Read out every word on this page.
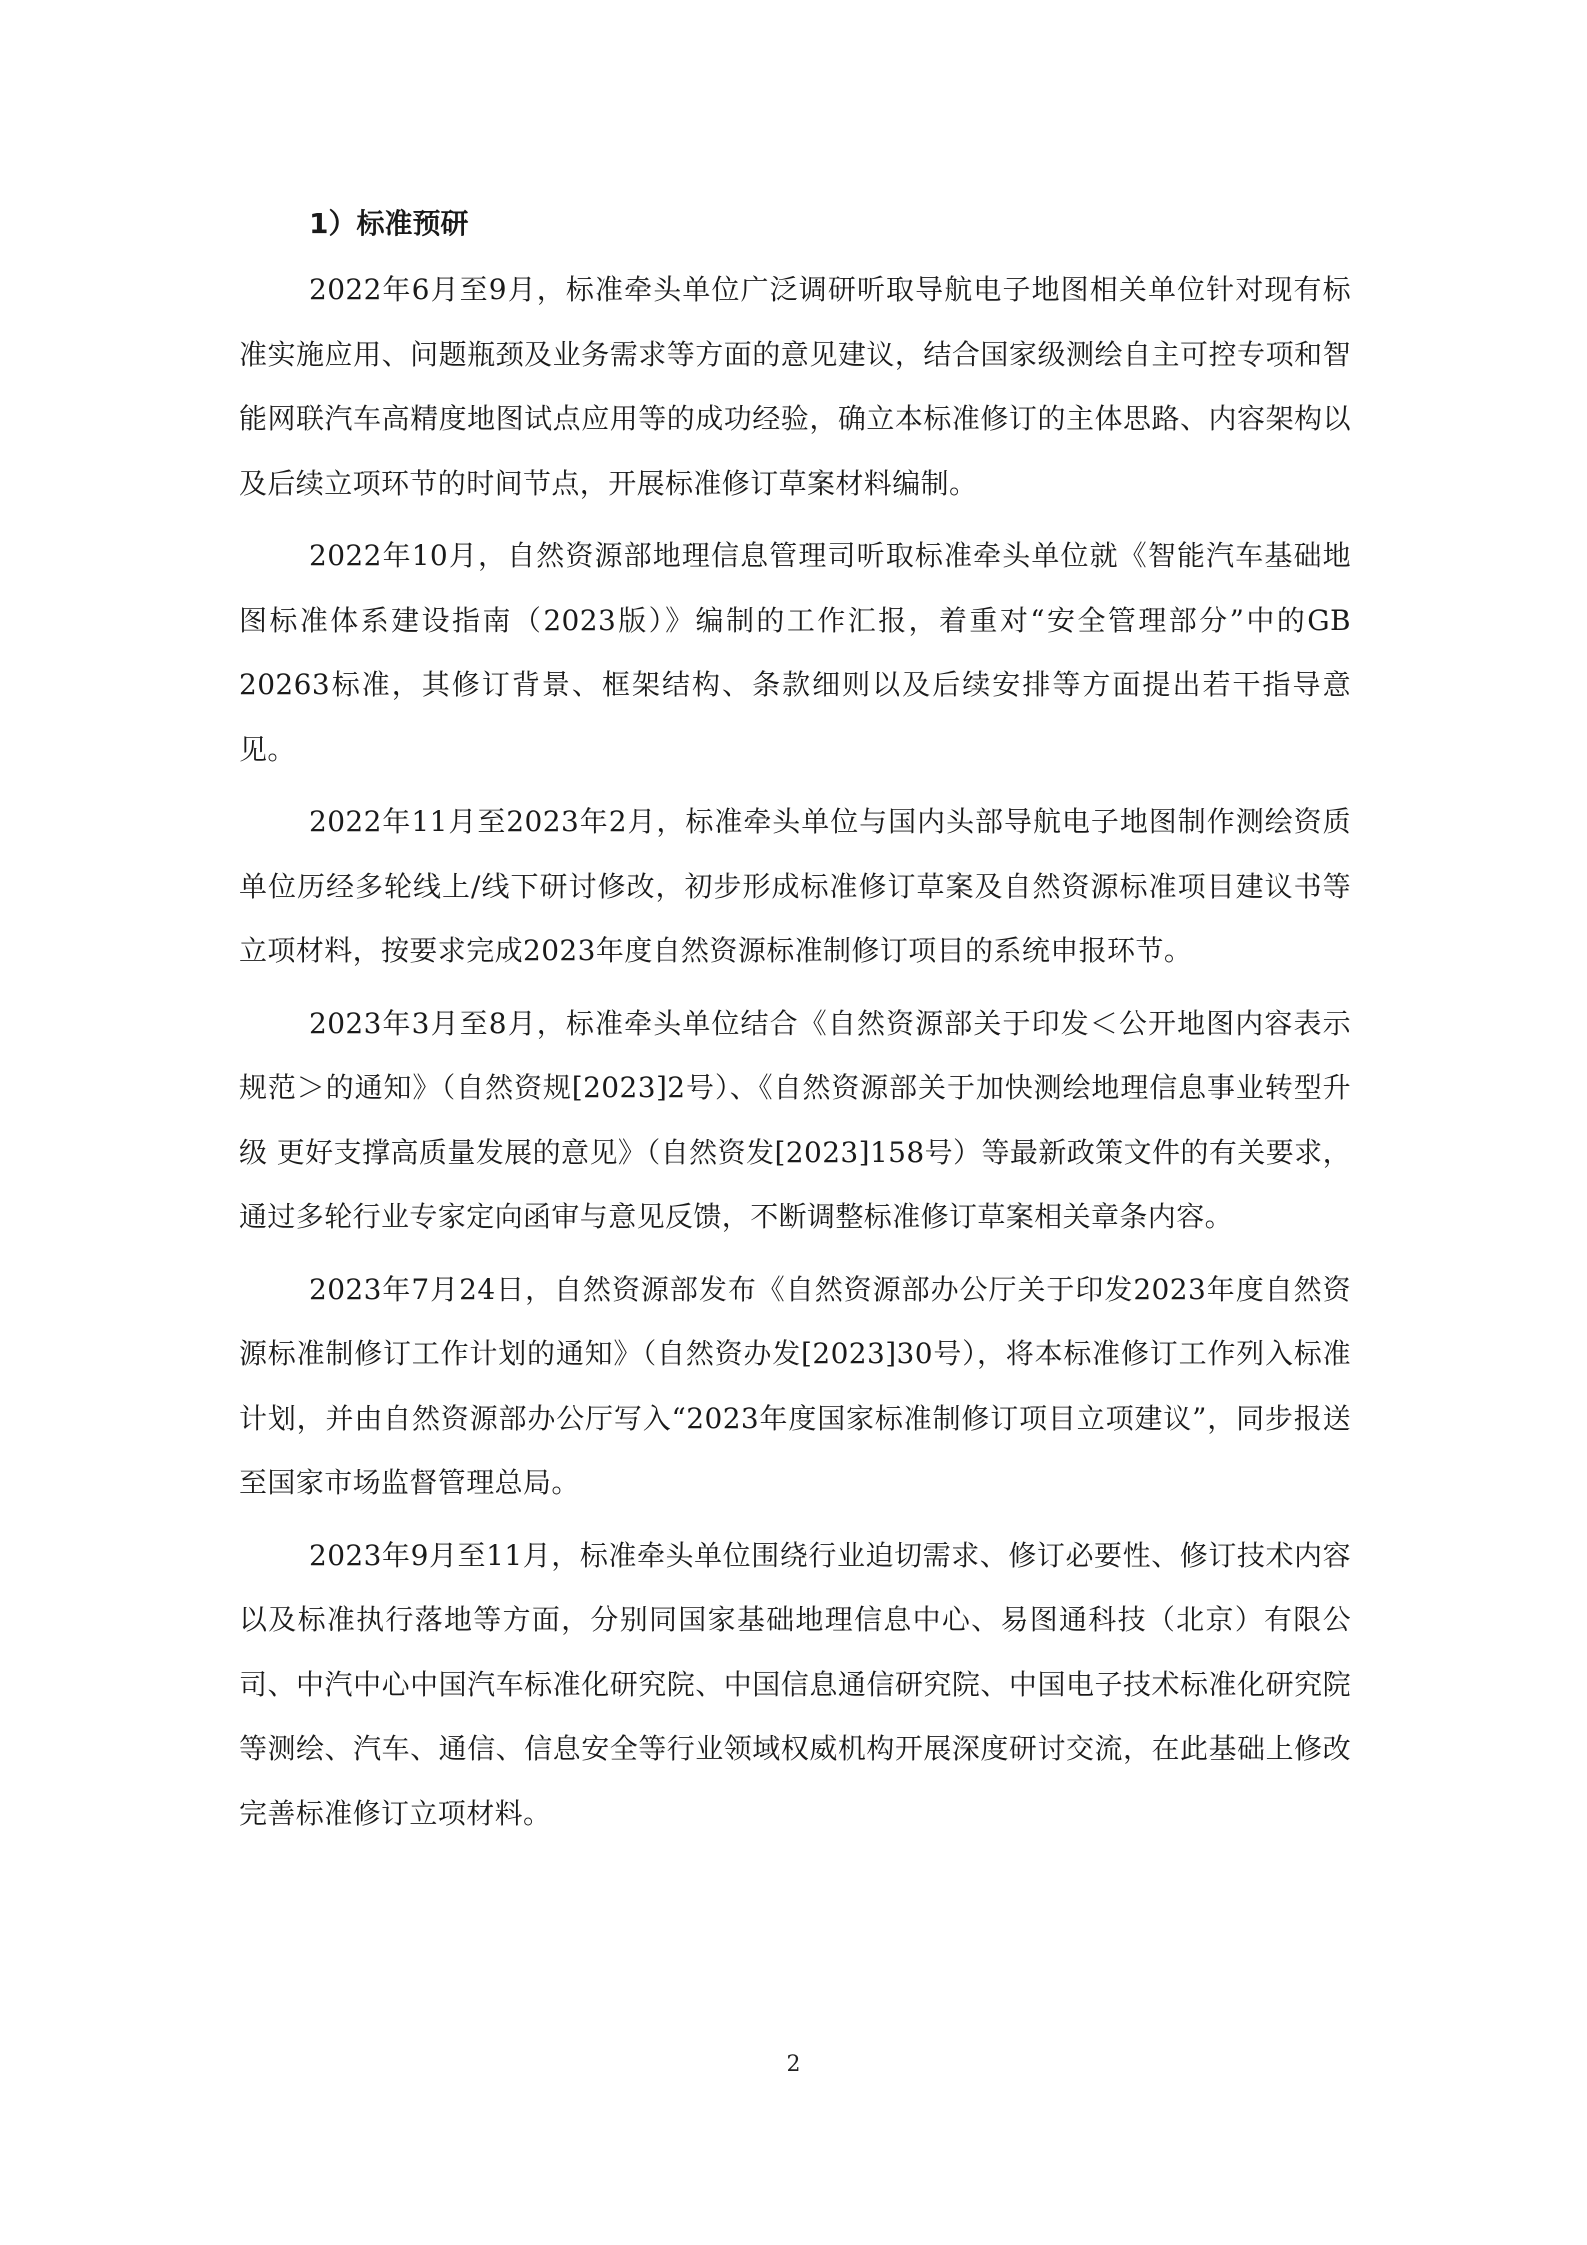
1）标准预研

2022年6月至9月，标准牵头单位广泛调研听取导航电子地图相关单位针对现有标准实施应用、问题瓶颈及业务需求等方面的意见建议，结合国家级测绘自主可控专项和智能网联汽车高精度地图试点应用等的成功经验，确立本标准修订的主体思路、内容架构以及后续立项环节的时间节点，开展标准修订草案材料编制。

2022年10月，自然资源部地理信息管理司听取标准牵头单位就《智能汽车基础地图标准体系建设指南（2023版）》编制的工作汇报，着重对“安全管理部分”中的GB 20263标准，其修订背景、框架结构、条款细则以及后续安排等方面提出若干指导意见。

2022年11月至2023年2月，标准牵头单位与国内头部导航电子地图制作测绘资质单位历经多轮线上/线下研讨修改，初步形成标准修订草案及自然资源标准项目建议书等立项材料，按要求完成2023年度自然资源标准制修订项目的系统申报环节。

2023年3月至8月，标准牵头单位结合《自然资源部关于印发＜公开地图内容表示规范＞的通知》（自然资规[2023]2号）、《自然资源部关于加快测绘地理信息事业转型升级 更好支撑高质量发展的意见》（自然资发[2023]158号）等最新政策文件的有关要求，通过多轮行业专家定向函审与意见反馈，不断调整标准修订草案相关章条内容。

2023年7月24日，自然资源部发布《自然资源部办公厅关于印发2023年度自然资源标准制修订工作计划的通知》（自然资办发[2023]30号），将本标准修订工作列入标准计划，并由自然资源部办公厅写入“2023年度国家标准制修订项目立项建议”，同步报送至国家市场监督管理总局。

2023年9月至11月，标准牵头单位围绕行业迫切需求、修订必要性、修订技术内容以及标准执行落地等方面，分别同国家基础地理信息中心、易图通科技（北京）有限公司、中汽中心中国汽车标准化研究院、中国信息通信研究院、中国电子技术标准化研究院等测绘、汽车、通信、信息安全等行业领域权威机构开展深度研讨交流，在此基础上修改完善标准修订立项材料。

2
